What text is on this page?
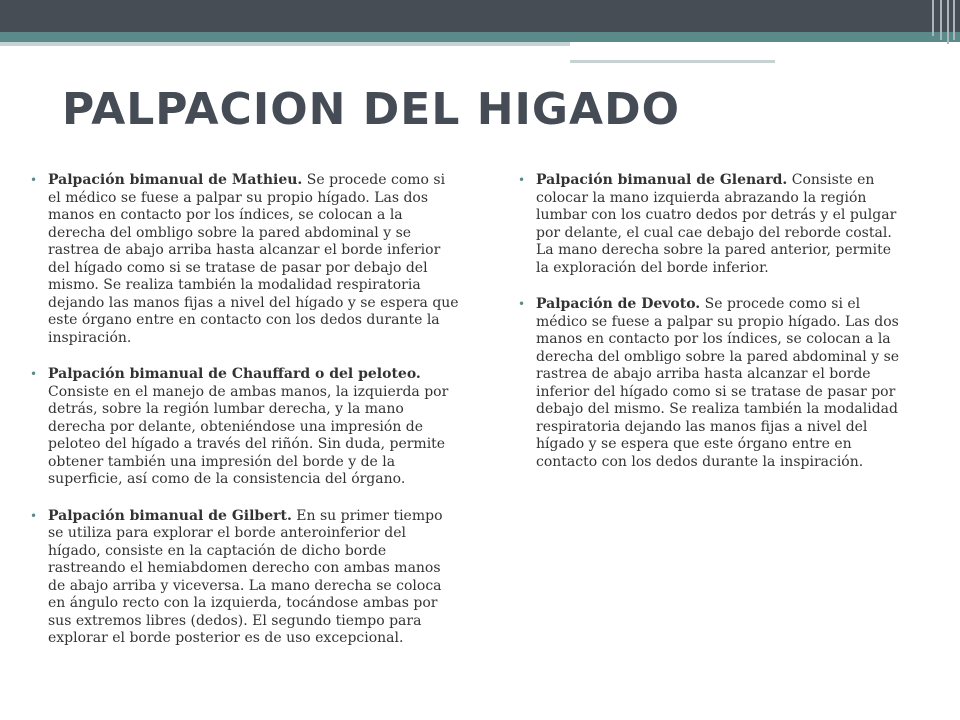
PALPACION DEL HIGADO
• Palpación bimanual de Mathieu. Se procede como si el médico se fuese a palpar su propio hígado. Las dos manos en contacto por los índices, se colocan a la derecha del ombligo sobre la pared abdominal y se rastrea de abajo arriba hasta alcanzar el borde inferior del hígado como si se tratase de pasar por debajo del mismo. Se realiza también la modalidad respiratoria dejando las manos fijas a nivel del hígado y se espera que este órgano entre en contacto con los dedos durante la inspiración.
• Palpación bimanual de Chauffard o del peloteo. Consiste en el manejo de ambas manos, la izquierda por detrás, sobre la región lumbar derecha, y la mano derecha por delante, obteniéndose una impresión de peloteo del hígado a través del riñón. Sin duda, permite obtener también una impresión del borde y de la superficie, así como de la consistencia del órgano.
• Palpación bimanual de Gilbert. En su primer tiempo se utiliza para explorar el borde anteroinferior del hígado, consiste en la captación de dicho borde rastreando el hemiabdomen derecho con ambas manos de abajo arriba y viceversa. La mano derecha se coloca en ángulo recto con la izquierda, tocándose ambas por sus extremos libres (dedos). El segundo tiempo para explorar el borde posterior es de uso excepcional.
• Palpación bimanual de Glenard. Consiste en colocar la mano izquierda abrazando la región lumbar con los cuatro dedos por detrás y el pulgar por delante, el cual cae debajo del reborde costal. La mano derecha sobre la pared anterior, permite la exploración del borde inferior.
• Palpación de Devoto. Se procede como si el médico se fuese a palpar su propio hígado. Las dos manos en contacto por los índices, se colocan a la derecha del ombligo sobre la pared abdominal y se rastrea de abajo arriba hasta alcanzar el borde inferior del hígado como si se tratase de pasar por debajo del mismo. Se realiza también la modalidad respiratoria dejando las manos fijas a nivel del hígado y se espera que este órgano entre en contacto con los dedos durante la inspiración.
